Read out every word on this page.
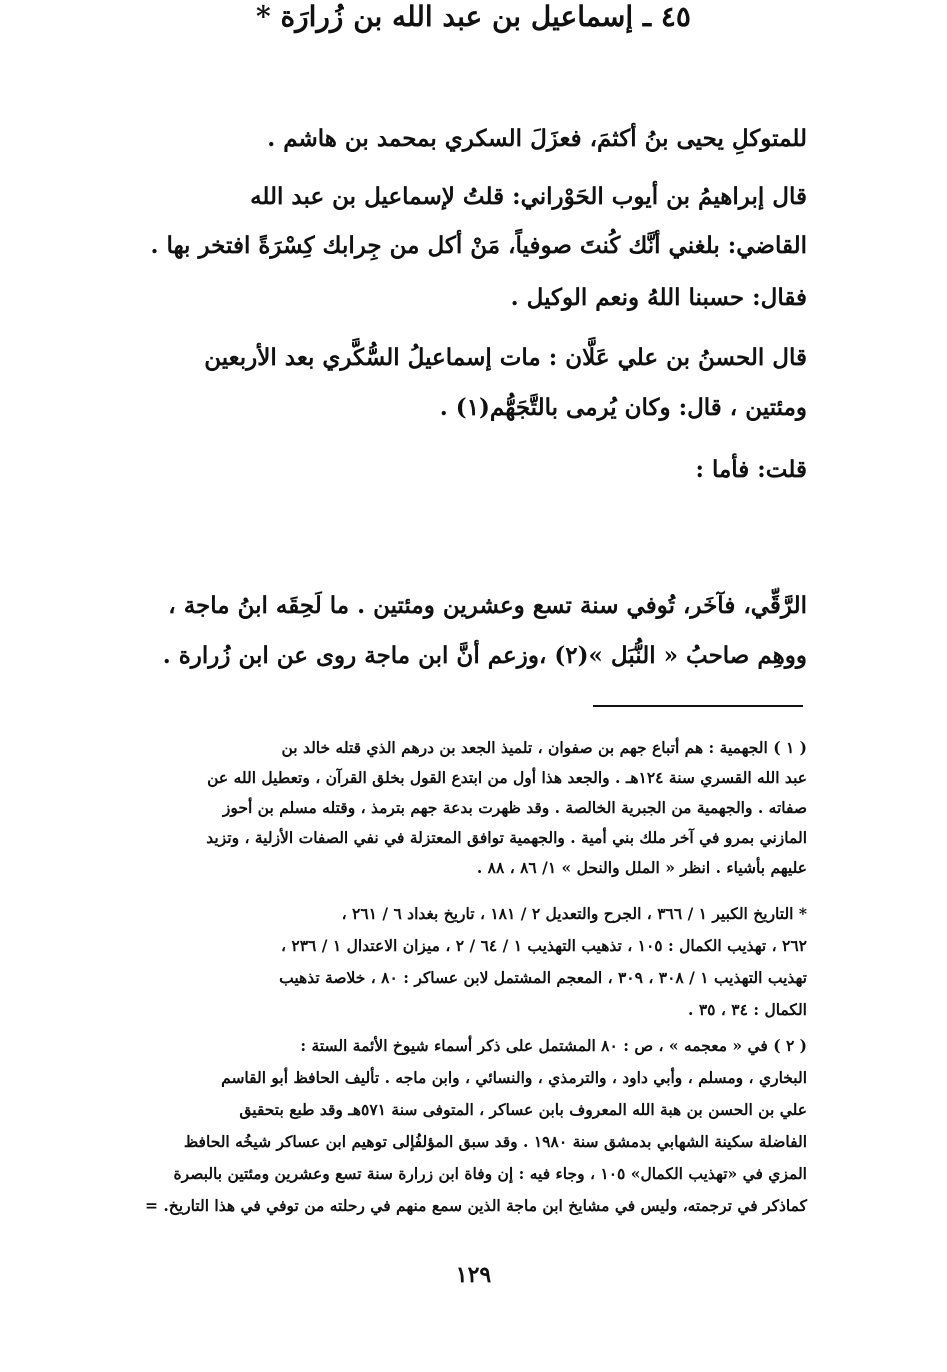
للمتوكلِ يحيى بنُ أكثمَ، فعزَلَ السكري بمحمد بن هاشم .
قال إبراهيمُ بن أيوب الحَوْراني: قلتُ لإسماعيل بن عبد الله
القاضي: بلغني أنَّك كُنتَ صوفياً، مَنْ أكل من جِرابك كِسْرَةً افتخر بها .
فقال: حسبنا اللهُ ونعم الوكيل .
قال الحسنُ بن علي عَلَّان : مات إسماعيلُ السُّكَّري بعد الأربعين
ومئتين ، قال: وكان يُرمى بالتَّجَهُّم(١) .
قلت: فأما :
٤٥ ـ إسماعيل بن عبد الله بن زُرارَة *
الرَّقِّي، فآخَر، تُوفي سنة تسع وعشرين ومئتين . ما لَحِقَه ابنُ ماجة ،
ووهِم صاحبُ « النُّبَل »(٢) ،وزعم أنَّ ابن ماجة روى عن ابن زُرارة .
( ١ ) الجهمية : هم أتباع جهم بن صفوان ، تلميذ الجعد بن درهم الذي قتله خالد بن
عبد الله القسري سنة ١٢٤هـ . والجعد هذا أول من ابتدع القول بخلق القرآن ، وتعطيل الله عن
صفاته . والجهمية من الجبرية الخالصة . وقد ظهرت بدعة جهم بترمذ ، وقتله مسلم بن أحوز
المازني بمرو في آخر ملك بني أمية . والجهمية توافق المعتزلة في نفي الصفات الأزلية ، وتزيد
عليهم بأشياء . انظر « الملل والنحل » ١/ ٨٦ ، ٨٨ .
* التاريخ الكبير ١ / ٣٦٦ ، الجرح والتعديل ٢ / ١٨١ ، تاريخ بغداد ٦ / ٢٦١ ،
٢٦٢ ، تهذيب الكمال : ١٠٥ ، تذهيب التهذيب ١ / ٦٤ / ٢ ، ميزان الاعتدال ١ / ٢٣٦ ،
تهذيب التهذيب ١ / ٣٠٨ ، ٣٠٩ ، المعجم المشتمل لابن عساكر : ٨٠ ، خلاصة تذهيب
الكمال : ٣٤ ، ٣٥ .
( ٢ ) في « معجمه » ، ص : ٨٠ المشتمل على ذكر أسماء شيوخ الأئمة الستة :
البخاري ، ومسلم ، وأبي داود ، والترمذي ، والنسائي ، وابن ماجه . تأليف الحافظ أبو القاسم
علي بن الحسن بن هبة الله المعروف بابن عساكر ، المتوفى سنة ٥٧١هـ وقد طبع بتحقيق
الفاضلة سكينة الشهابي بدمشق سنة ١٩٨٠ . وقد سبق المؤلفُإلى توهيم ابن عساكر شيخُه الحافظ
المزي في «تهذيب الكمال» ١٠٥ ، وجاء فيه : إن وفاة ابن زرارة سنة تسع وعشرين ومئتين بالبصرة
كماذكر في ترجمته، وليس في مشايخ ابن ماجة الذين سمع منهم في رحلته من توفي في هذا التاريخ. =
١٢٩
